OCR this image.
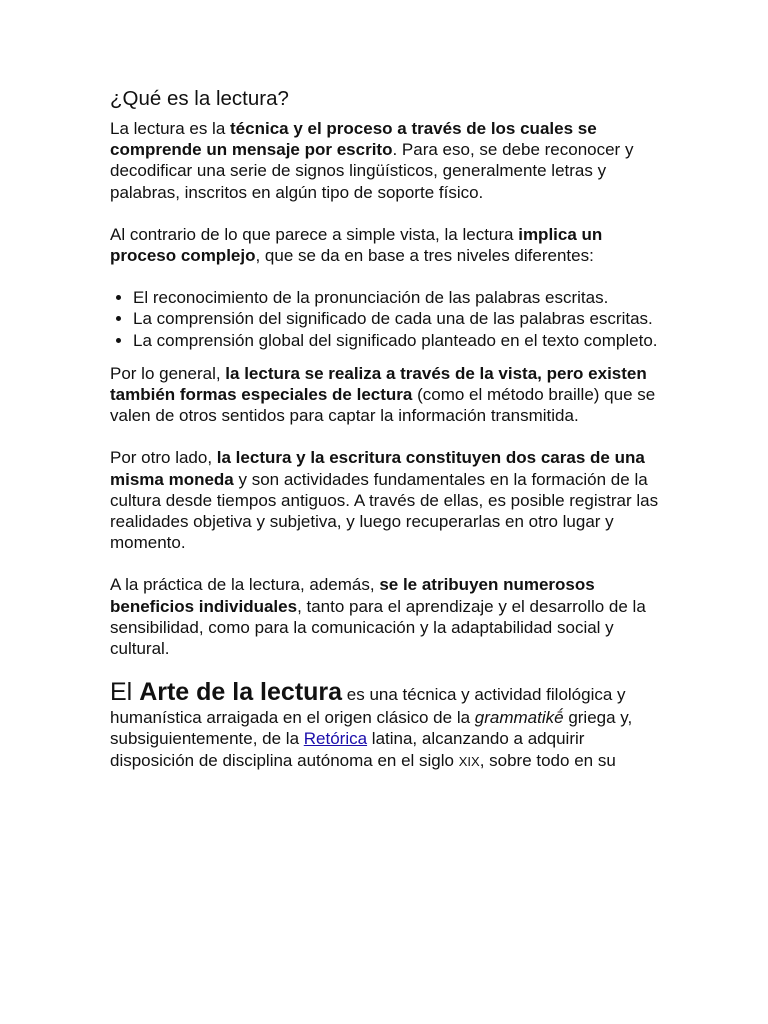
¿Qué es la lectura?

La lectura es la técnica y el proceso a través de los cuales se comprende un mensaje por escrito. Para eso, se debe reconocer y decodificar una serie de signos lingüísticos, generalmente letras y palabras, inscritos en algún tipo de soporte físico.

Al contrario de lo que parece a simple vista, la lectura implica un proceso complejo, que se da en base a tres niveles diferentes:

• El reconocimiento de la pronunciación de las palabras escritas.
• La comprensión del significado de cada una de las palabras escritas.
• La comprensión global del significado planteado en el texto completo.

Por lo general, la lectura se realiza a través de la vista, pero existen también formas especiales de lectura (como el método braille) que se valen de otros sentidos para captar la información transmitida.

Por otro lado, la lectura y la escritura constituyen dos caras de una misma moneda y son actividades fundamentales en la formación de la cultura desde tiempos antiguos. A través de ellas, es posible registrar las realidades objetiva y subjetiva, y luego recuperarlas en otro lugar y momento.

A la práctica de la lectura, además, se le atribuyen numerosos beneficios individuales, tanto para el aprendizaje y el desarrollo de la sensibilidad, como para la comunicación y la adaptabilidad social y cultural.

El Arte de la lectura es una técnica y actividad filológica y humanística arraigada en el origen clásico de la grammatikḗ griega y, subsiguientemente, de la Retórica latina, alcanzando a adquirir disposición de disciplina autónoma en el siglo XIX, sobre todo en su
